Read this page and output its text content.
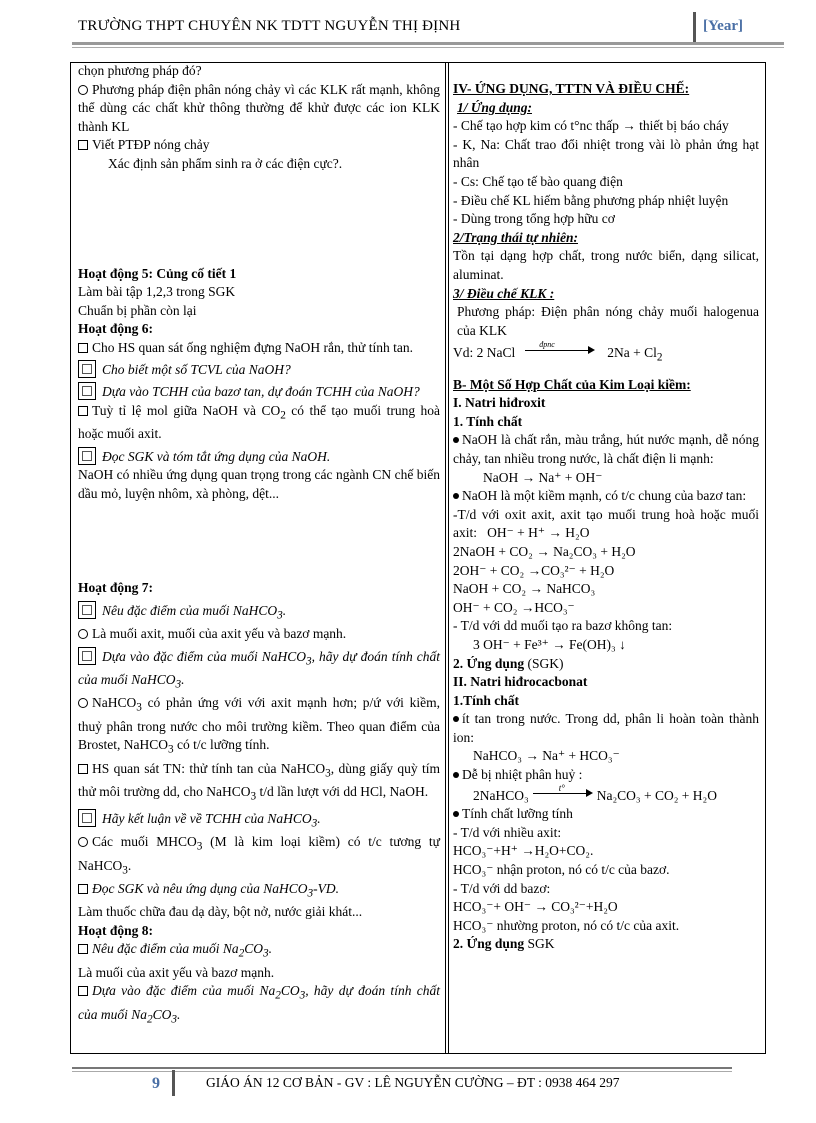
TRƯỜNG THPT CHUYÊN NK TDTT NGUYỄN THỊ ĐỊNH	[Year]

chọn phương pháp đó?

Phương pháp điện phân nóng chảy vì các KLK rất mạnh, không thể dùng các chất khử thông thường để khử được các ion KLK thành KL

Viết PTĐP nóng chảy

Xác định sản phẩm sinh ra ở các điện cực?.

Hoạt động 5: Củng cố tiết 1

Làm bài tập 1,2,3 trong SGK

Chuẩn bị phần còn lại

Hoạt động 6:

Cho HS quan sát ống nghiệm đựng NaOH rắn, thử tính tan.

Cho biết một số TCVL của NaOH?

Dựa vào TCHH của bazơ tan, dự đoán TCHH của NaOH?

Tuỳ tỉ lệ mol giữa NaOH và $CO_2$ có thể tạo muối trung hoà hoặc muối axit.

Đọc SGK và tóm tắt ứng dụng của NaOH.

NaOH có nhiều ứng dụng quan trọng trong các ngành CN chế biến dầu mỏ, luyện nhôm, xà phòng, dệt...

Hoạt động 7:

Nêu đặc điểm của muối NaHCO$_3$.

Là muối axit, muối của axit yếu và bazơ mạnh.

Dựa vào đặc điểm của muối NaHCO$_3$, hãy dự đoán tính chất của muối NaHCO$_3$.

NaHCO$_3$ có phản ứng với với axit mạnh hơn; p/ứ với kiềm, thuỷ phân trong nước cho môi trường kiềm. Theo quan điểm của Brostet, NaHCO$_3$ có t/c lưỡng tính.

HS quan sát TN: thử tính tan của NaHCO$_3$, dùng giấy quỳ tím thử môi trường dd, cho NaHCO$_3$ t/d lần lượt với dd HCl, NaOH.

Hãy kết luận về về TCHH của NaHCO$_3$.

Các muối $MHCO_3$ (M là kim loại kiềm) có t/c tương tự NaHCO$_3$.

Đọc SGK và nêu ứng dụng của NaHCO$_3$-VD.

Làm thuốc chữa đau dạ dày, bột nở, nước giải khát...

Hoạt động 8:

Nêu đặc điểm của muối $Na_2CO_3$.

Là muối của axit yếu và bazơ mạnh.

Dựa vào đặc điểm của muối $Na_2CO_3$, hãy dự đoán tính chất của muối $Na_2CO_3$.

IV- ỨNG DỤNG, TTTN VÀ ĐIỀU CHẾ:

1/ Ứng dụng:

- Chế tạo hợp kim có t°nc thấp → thiết bị báo cháy

- K, Na: Chất trao đổi nhiệt trong vài lò phản ứng hạt nhân

- Cs: Chế tạo tế bào quang điện

- Điều chế KL hiếm bằng phương pháp nhiệt luyện

- Dùng trong tổng hợp hữu cơ

2/Trạng thái tự nhiên:

Tồn tại dạng hợp chất, trong nước biển, dạng silicat, aluminat.

3/ Điều chế KLK :

Phương pháp: Điện phân nóng chảy muối halogenua của KLK

Vd: 2 NaCl
đpnc
$2Na + Cl_2$

B- Một Số Hợp Chất của Kim Loại kiềm:

I. Natri hiđroxit

1. Tính chất

NaOH là chất rắn, màu trắng, hút nước mạnh, dễ nóng chảy, tan nhiều trong nước, là chất điện li mạnh:

NaOH → Na⁺ + OH⁻

NaOH là một kiềm mạnh, có t/c chung của bazơ tan:

-T/d với oxit axit, axit tạo muối trung hoà hoặc muối axit: OH⁻ + H⁺ → H₂O

2NaOH + CO₂ → Na₂CO₃ + H₂O

2OH⁻ + CO₂ →CO₃²⁻ + H₂O

NaOH + CO₂ → NaHCO₃

OH⁻ + CO₂ →HCO₃⁻

- T/d với dd muối tạo ra bazơ không tan:

3 OH⁻ + Fe³⁺ → Fe(OH)₃ ↓

2. Ứng dụng (SGK)

II. Natri hiđrocacbonat

1.Tính chất

ít tan trong nước. Trong dd, phân li hoàn toàn thành ion:

NaHCO₃ → Na⁺ + HCO₃⁻

Dễ bị nhiệt phân huỷ :

2NaHCO₃	t° Na₂CO₃ + CO₂ + H₂O

Tính chất lưỡng tính

- T/d với nhiều axit:

HCO₃⁻+H⁺ →H₂O+CO₂.

HCO₃⁻ nhận proton, nó có t/c của bazơ.

- T/d với dd bazơ:

HCO₃⁻+ OH⁻ → CO₃²⁻+H₂O

HCO₃⁻ nhường proton, nó có t/c của axit.

2. Ứng dụng SGK

9	GIÁO ÁN 12 CƠ BẢN - GV : LÊ NGUYỄN CƯỜNG – ĐT : 0938 464 297
